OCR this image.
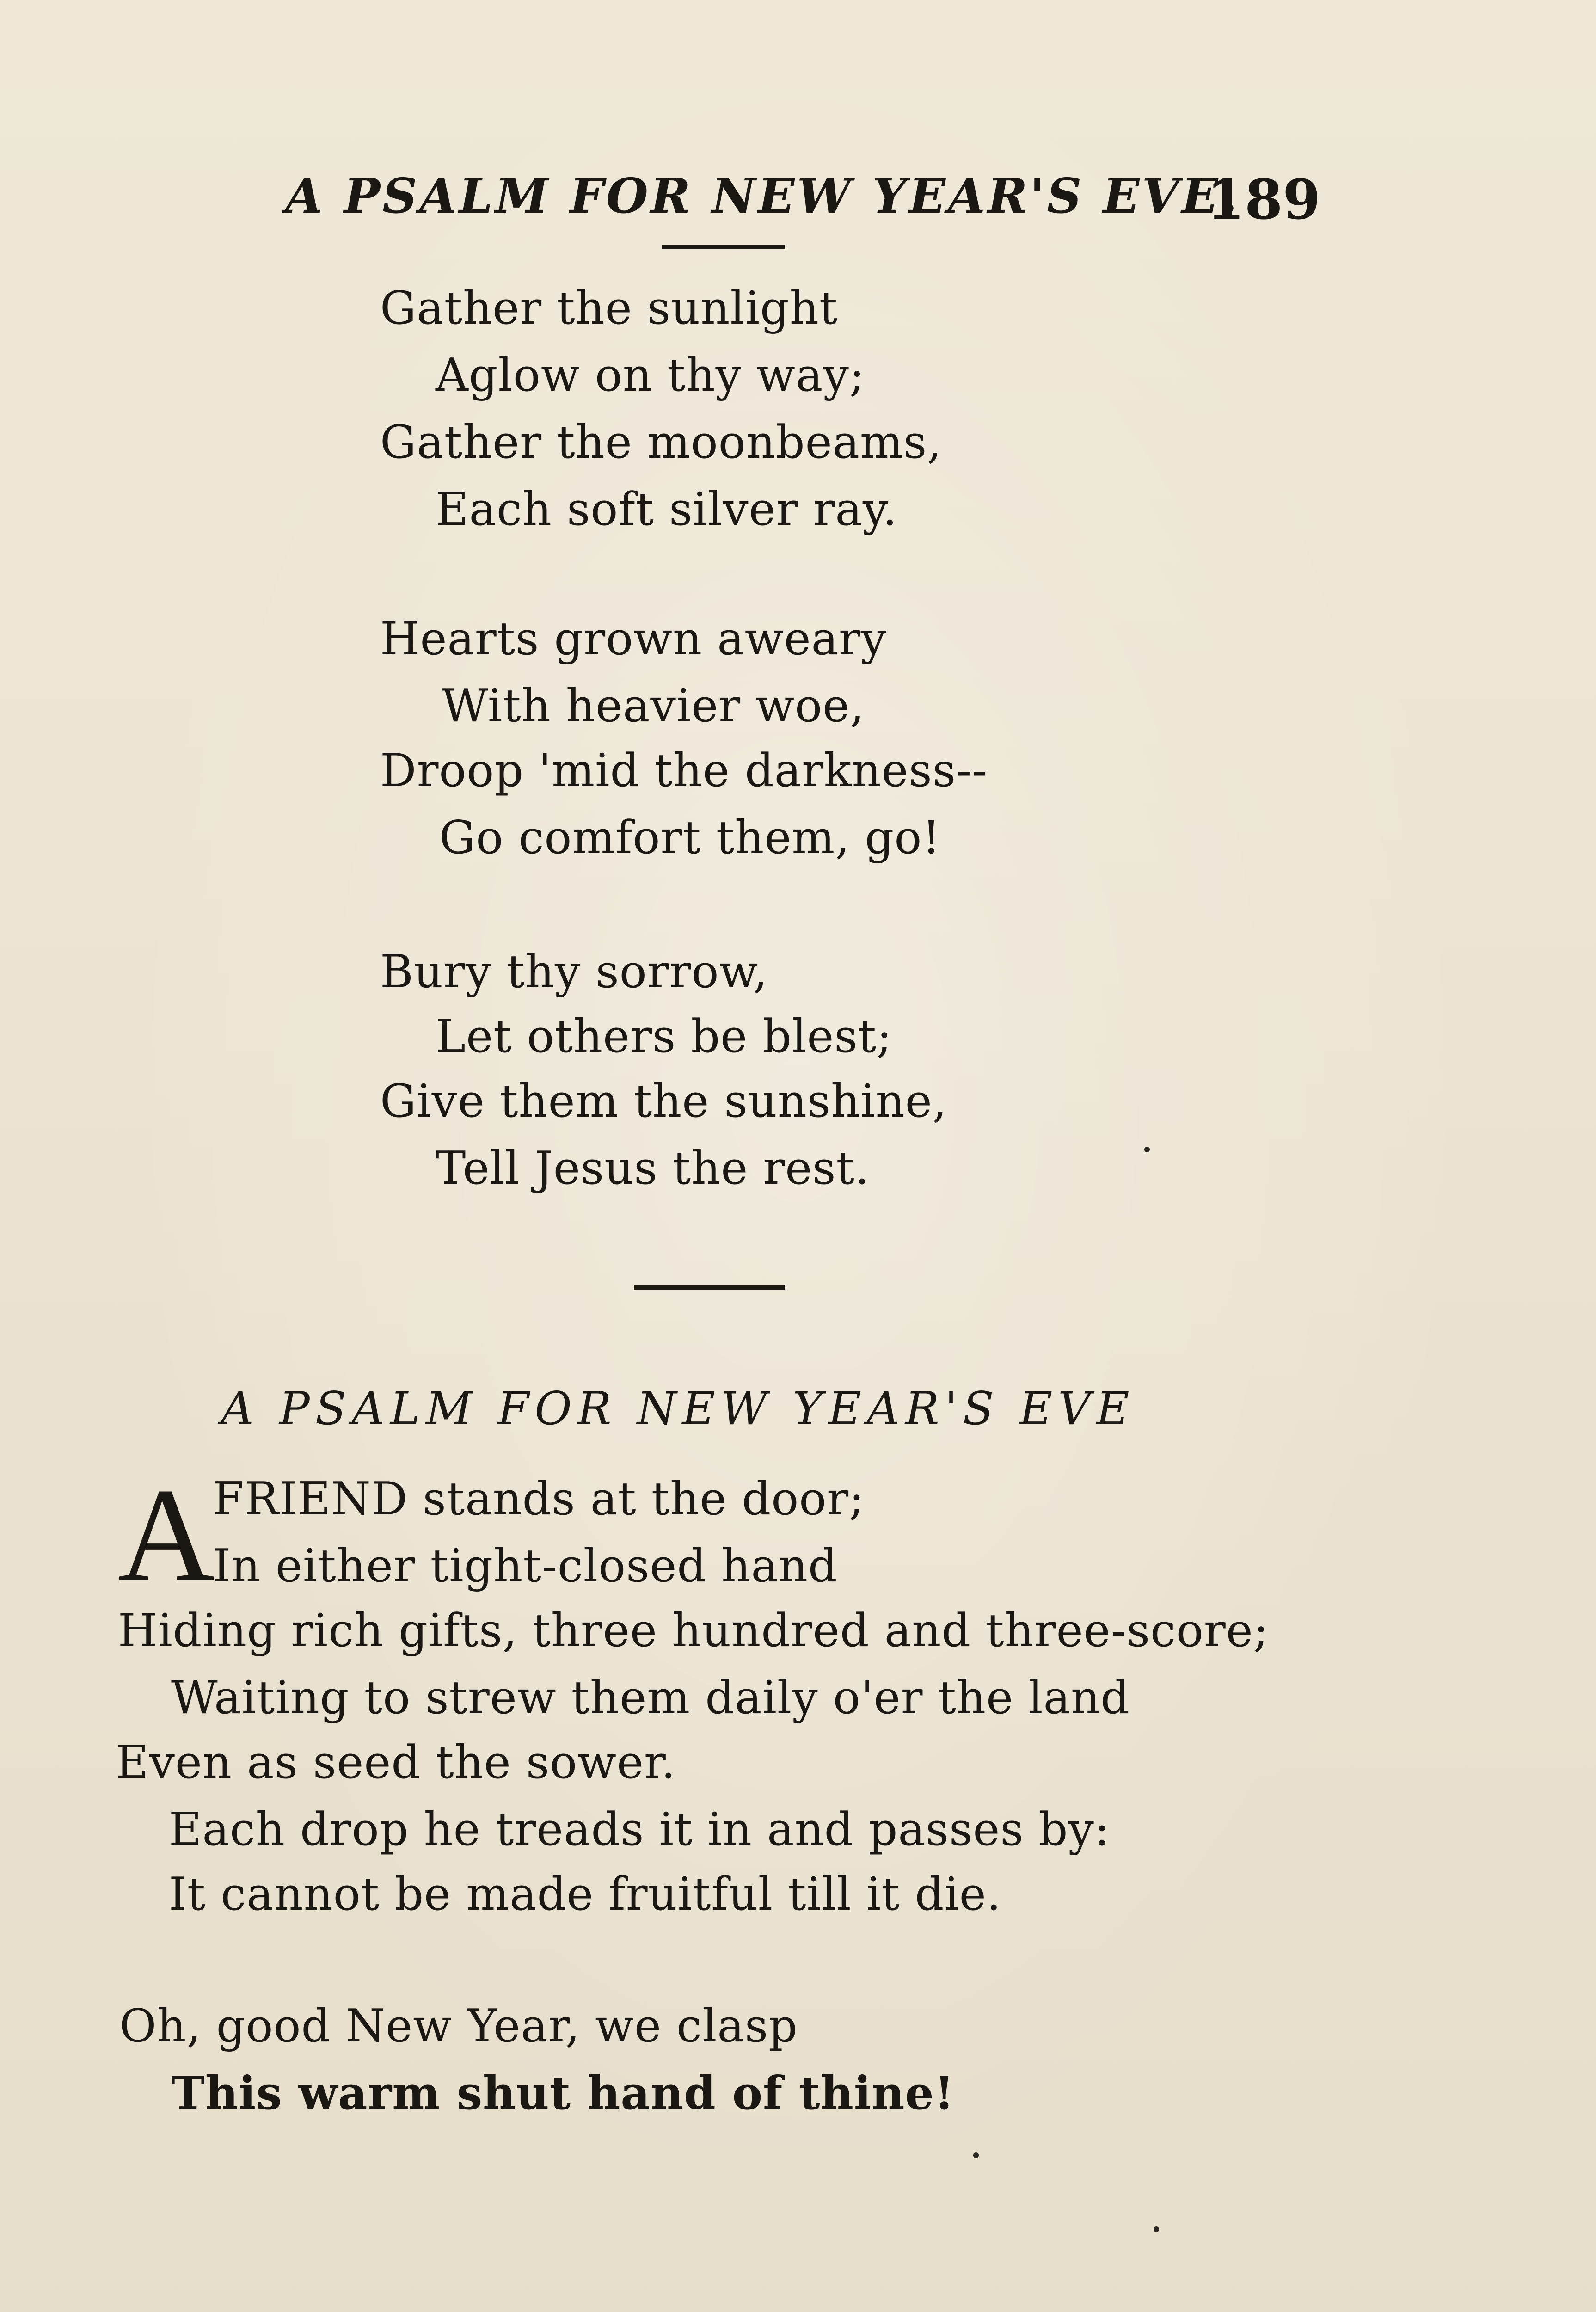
A PSALM FOR NEW YEAR'S EVE.
189
Gather the sunlight
Aglow on thy way;
Gather the moonbeams,
Each soft silver ray.
Hearts grown aweary
With heavier woe,
Droop 'mid the darkness--
Go comfort them, go!
Bury thy sorrow,
Let others be blest;
Give them the sunshine,
Tell Jesus the rest.
A PSALM FOR NEW YEAR'S EVE
A
FRIEND stands at the door;
In either tight-closed hand
Hiding rich gifts, three hundred and three-score;
Waiting to strew them daily o'er the land
Even as seed the sower.
Each drop he treads it in and passes by:
It cannot be made fruitful till it die.
Oh, good New Year, we clasp
This warm shut hand of thine!
